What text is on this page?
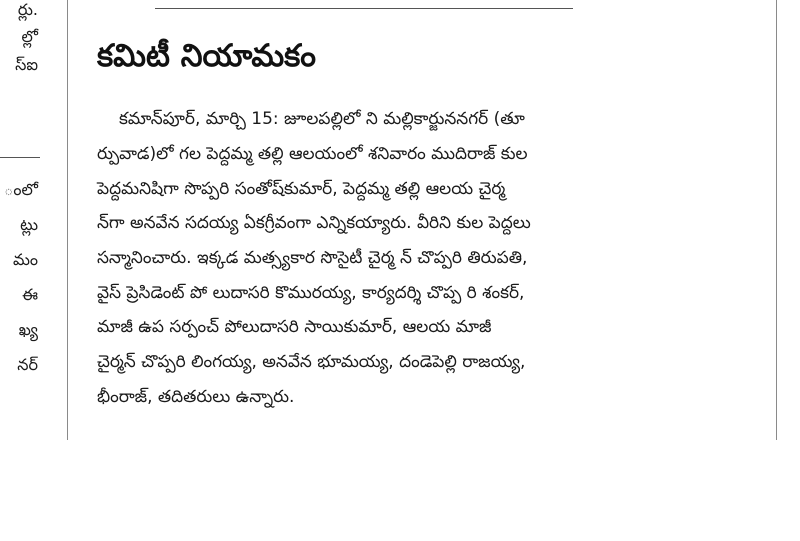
ర్లు.
ల్లో
స్ఐ
ంలో
ట్లు
మం
ఈ
ఖ్య
నర్
కమిటీ నియామకం
కమాన్‌పూర్, మార్చి 15: జూలపల్లిలో ని మల్లికార్జుననగర్ (తూ
ర్పువాడ)లో గల పెద్దమ్మ తల్లి ఆలయంలో శనివారం ముదిరాజ్ కుల
పెద్దమనిషిగా సొప్పరి సంతోష్‌కుమార్, పెద్దమ్మ తల్లి ఆలయ చైర్మ
న్‌గా అనవేన సదయ్య ఏకగ్రీవంగా ఎన్నికయ్యారు. వీరిని కుల పెద్దలు
సన్మానించారు. ఇక్కడ మత్స్యకార సొసైటీ చైర్మ న్ చొప్పరి తిరుపతి,
వైస్ ప్రెసిడెంట్ పో లుదాసరి కొమురయ్య, కార్యదర్శి చొప్ప రి శంకర్,
మాజీ ఉప సర్పంచ్ పోలుదాసరి సాయికుమార్, ఆలయ మాజీ
చైర్మన్ చొప్పరి లింగయ్య, అనవేన భూమయ్య, దండెపెల్లి రాజయ్య,
భీంరాజ్, తదితరులు ఉన్నారు.
